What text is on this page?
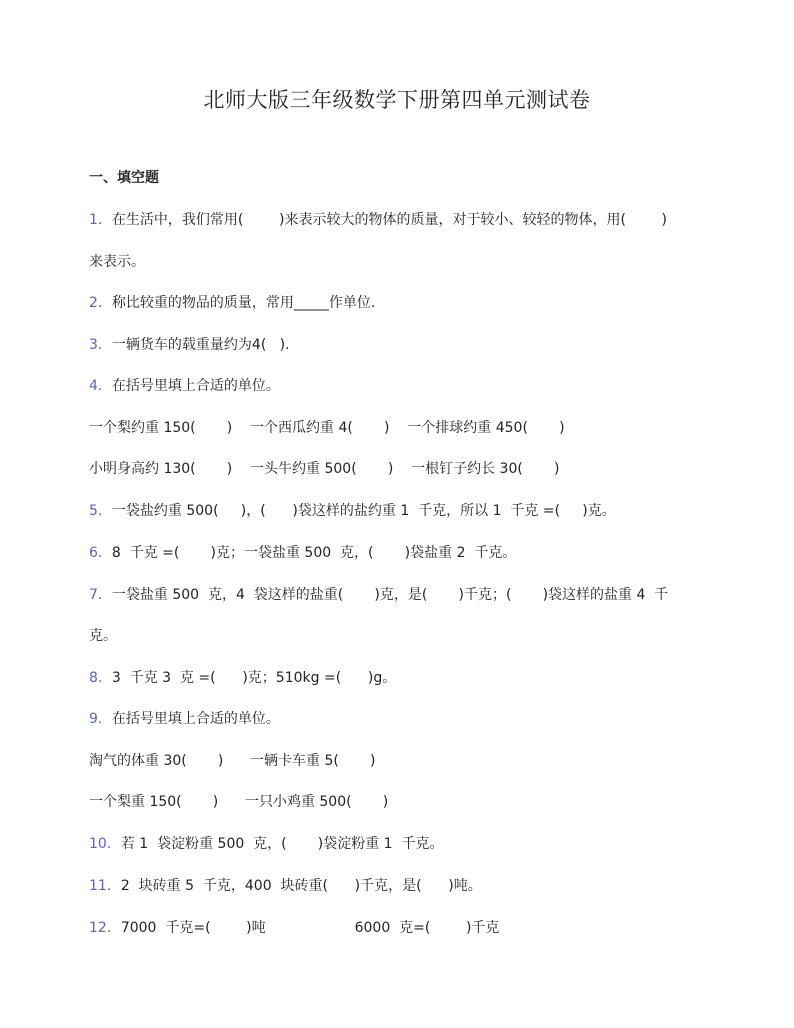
北师大版三年级数学下册第四单元测试卷
一、填空题
1．在生活中，我们常用(        )来表示较大的物体的质量，对于较小、较轻的物体，用(        )
来表示。
2．称比较重的物品的质量，常用_____作单位.
3．一辆货车的载重量约为4(   ).
4．在括号里填上合适的单位。
一个梨约重 150(       )    一个西瓜约重 4(       )    一个排球约重 450(       )
小明身高约 130(       )    一头牛约重 500(       )    一根钉子约长 30(       )
5．一袋盐约重 500(     )，(      )袋这样的盐约重 1  千克，所以 1  千克 =(     )克。
6．8  千克 =(       )克；一袋盐重 500  克，(       )袋盐重 2  千克。
7．一袋盐重 500  克，4  袋这样的盐重(       )克，是(       )千克；(       )袋这样的盐重 4  千
克。
8．3  千克 3  克 =(      )克；510kg =(      )g。
9．在括号里填上合适的单位。
淘气的体重 30(       )      一辆卡车重 5(       )
一个梨重 150(       )      一只小鸡重 500(       )
10．若 1  袋淀粉重 500  克，(       )袋淀粉重 1  千克。
11．2  块砖重 5  千克，400  块砖重(      )千克，是(      )吨。
12．7000  千克=(        )吨                    6000  克=(        )千克
